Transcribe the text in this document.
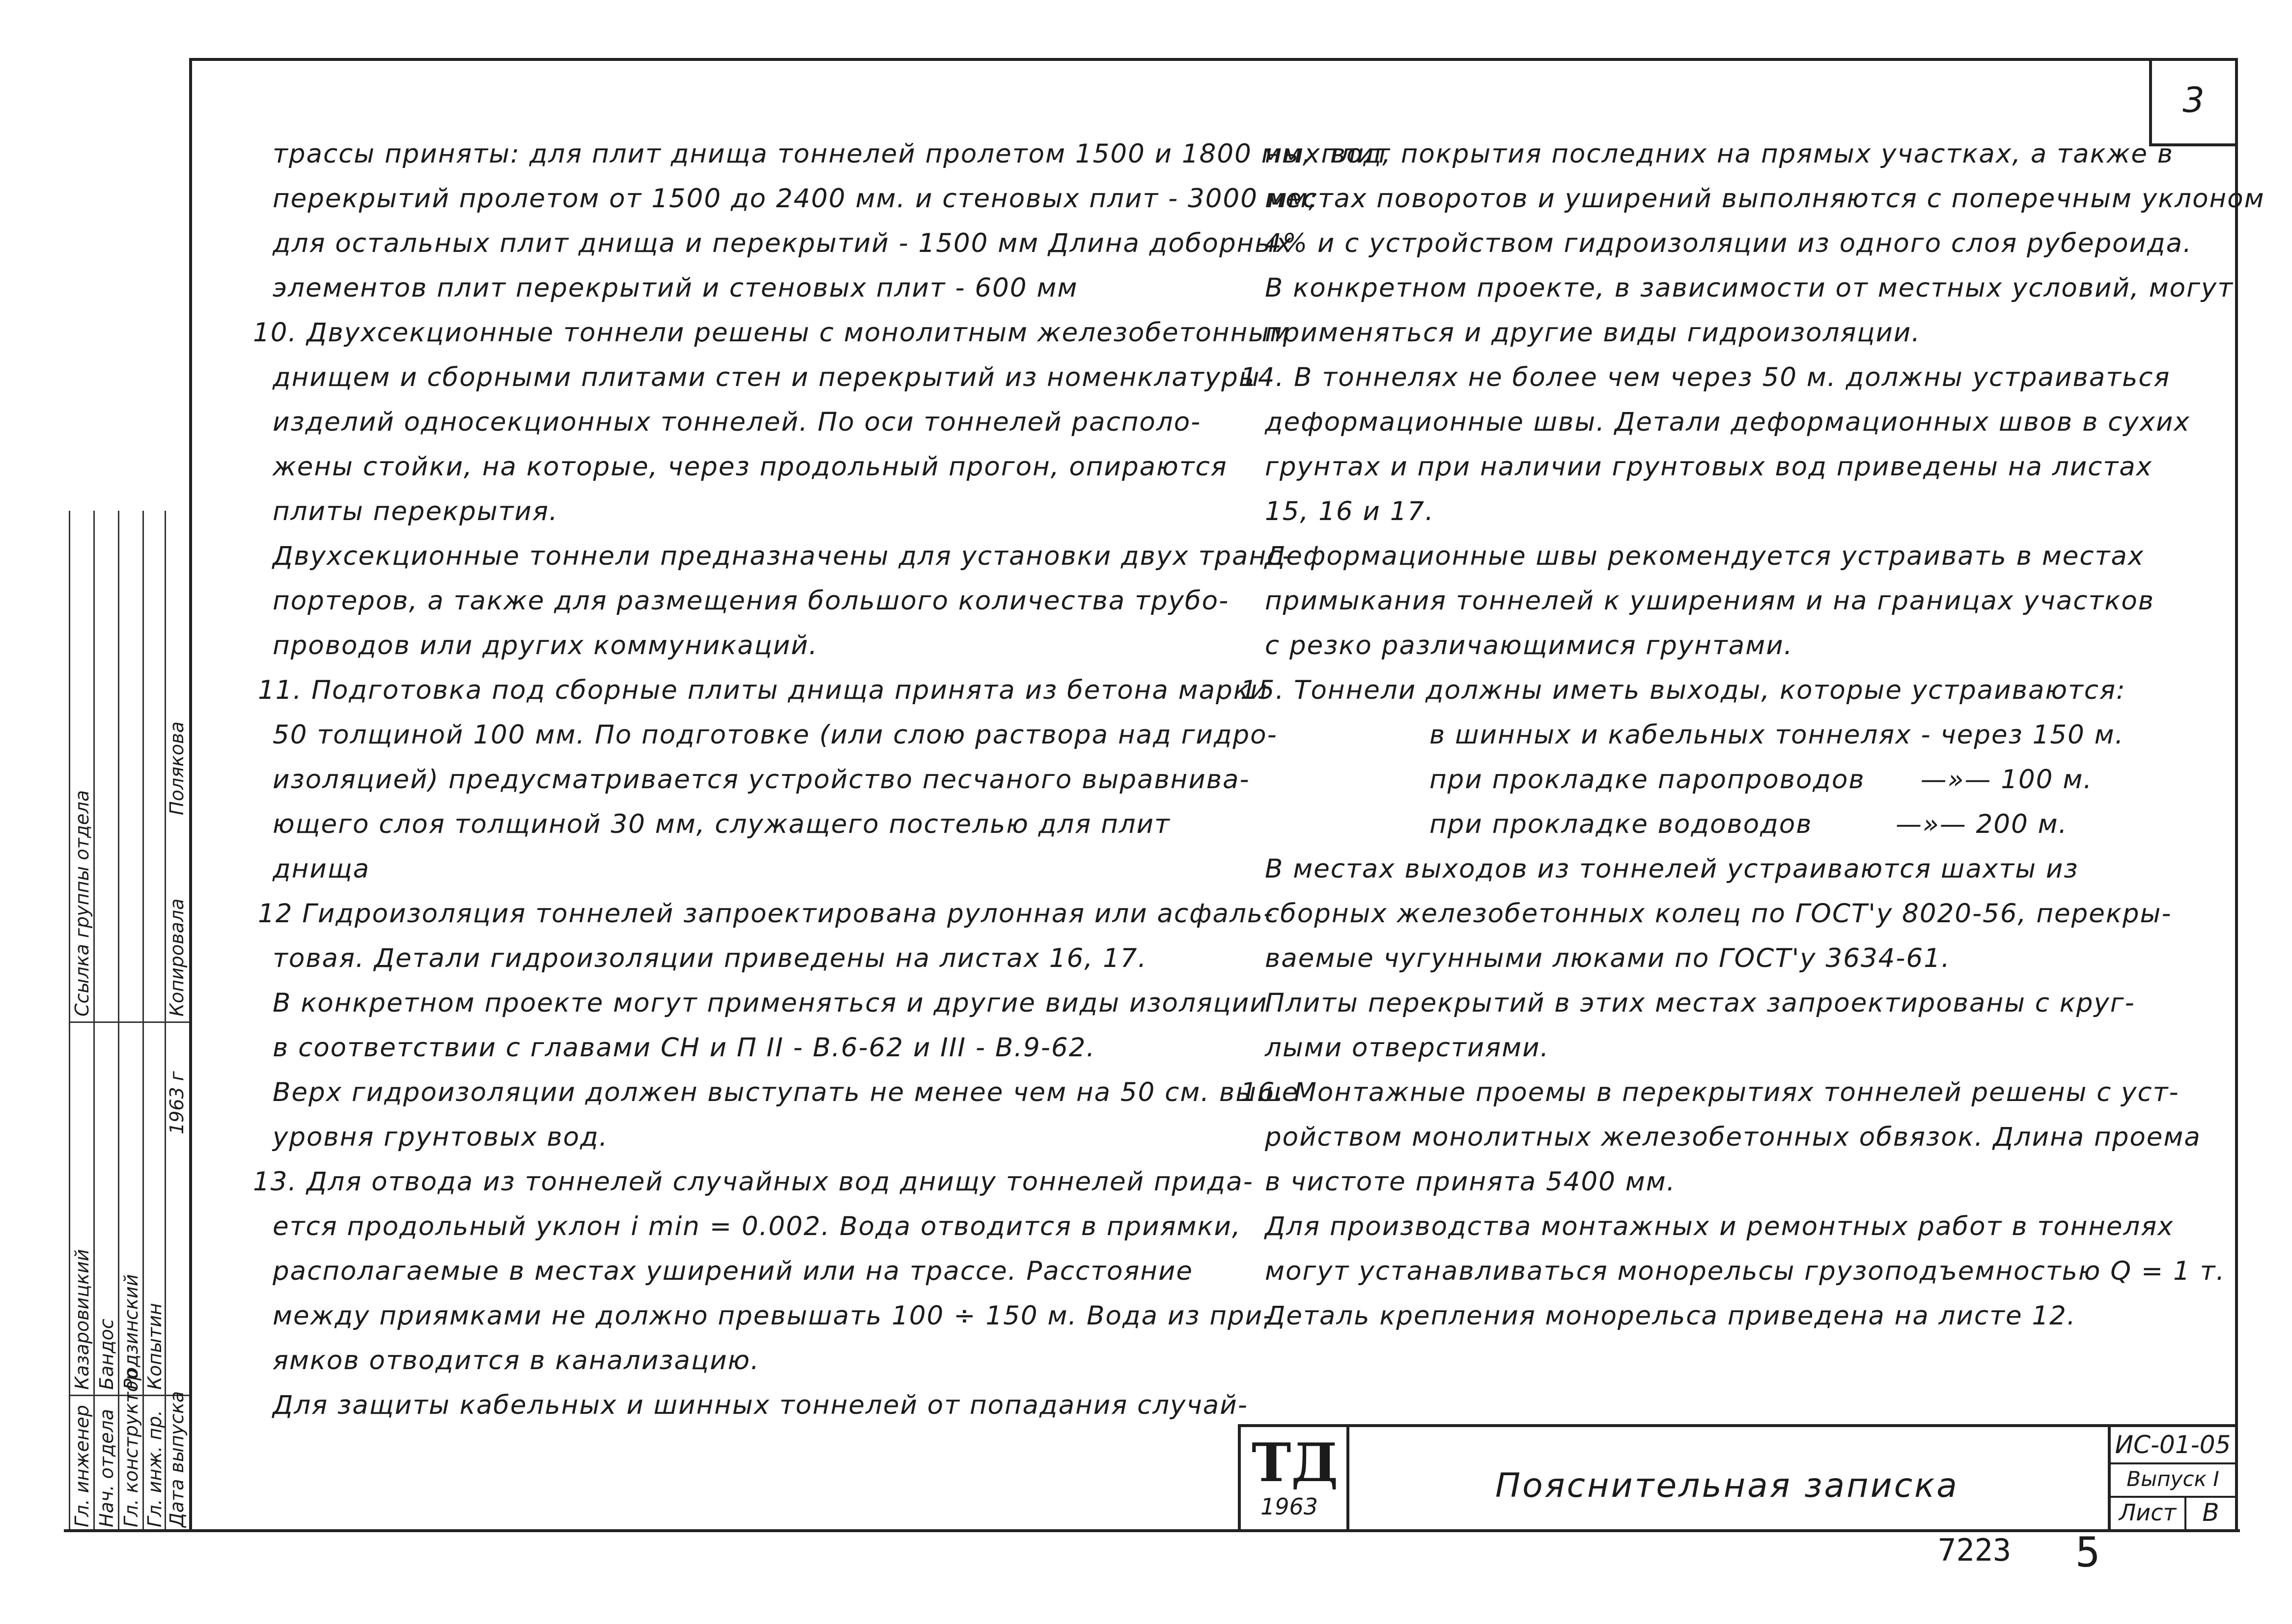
3
трассы приняты: для плит днища тоннелей пролетом 1500 и 1800 мм, плит
перекрытий пролетом от 1500 до 2400 мм. и стеновых плит - 3000 мм;
для остальных плит днища и перекрытий - 1500 мм Длина доборных
элементов плит перекрытий и стеновых плит - 600 мм
10. Двухсекционные тоннели решены с монолитным железобетонным
днищем и сборными плитами стен и перекрытий из номенклатуры
изделий односекционных тоннелей. По оси тоннелей располо-
жены стойки, на которые, через продольный прогон, опираются
плиты перекрытия.
Двухсекционные тоннели предназначены для установки двух транс-
портеров, а также для размещения большого количества трубо-
проводов или других коммуникаций.
11. Подготовка под сборные плиты днища принята из бетона марки
50 толщиной 100 мм. По подготовке (или слою раствора над гидро-
изоляцией) предусматривается устройство песчаного выравнива-
ющего слоя толщиной 30 мм, служащего постелью для плит
днища
12 Гидроизоляция тоннелей запроектирована рулонная или асфаль-
товая. Детали гидроизоляции приведены на листах 16, 17.
В конкретном проекте могут применяться и другие виды изоляции
в соответствии с главами СН и П II - В.6-62 и III - В.9-62.
Верх гидроизоляции должен выступать не менее чем на 50 см. выше
уровня грунтовых вод.
13. Для отвода из тоннелей случайных вод днищу тоннелей прида-
ется продольный уклон i min = 0.002. Вода отводится в приямки,
располагаемые в местах уширений или на трассе. Расстояние
между приямками не должно превышать 100 ÷ 150 м. Вода из при-
ямков отводится в канализацию.
Для защиты кабельных и шинных тоннелей от попадания случай-
ных вод, покрытия последних на прямых участках, а также в
местах поворотов и уширений выполняются с поперечным уклоном
4% и с устройством гидроизоляции из одного слоя рубероида.
В конкретном проекте, в зависимости от местных условий, могут
применяться и другие виды гидроизоляции.
14. В тоннелях не более чем через 50 м. должны устраиваться
деформационные швы. Детали деформационных швов в сухих
грунтах и при наличии грунтовых вод приведены на листах
15, 16 и 17.
Деформационные швы рекомендуется устраивать в местах
примыкания тоннелей к уширениям и на границах участков
с резко различающимися грунтами.
15. Тоннели должны иметь выходы, которые устраиваются:
в шинных и кабельных тоннелях - через 150 м.
при прокладке паропроводов      —»— 100 м.
при прокладке водоводов         —»— 200 м.
В местах выходов из тоннелей устраиваются шахты из
сборных железобетонных колец по ГОСТ'у 8020-56, перекры-
ваемые чугунными люками по ГОСТ'у 3634-61.
Плиты перекрытий в этих местах запроектированы с круг-
лыми отверстиями.
16. Монтажные проемы в перекрытиях тоннелей решены с уст-
ройством монолитных железобетонных обвязок. Длина проема
в чистоте принята 5400 мм.
Для производства монтажных и ремонтных работ в тоннелях
могут устанавливаться монорельсы грузоподъемностью Q = 1 т.
Деталь крепления монорельса приведена на листе 12.
ТД
1963
Пояснительная записка
ИС-01-05
Выпуск I
Лист	В
7223 5
Гл. инженер Нач. отдела Гл. конструктор Гл. инж. пр. Дата выпуска
Казаровицкий Бандос Родзинский Копытин
1963 г
Ссылка группы отдела
Полякова
Копировала
